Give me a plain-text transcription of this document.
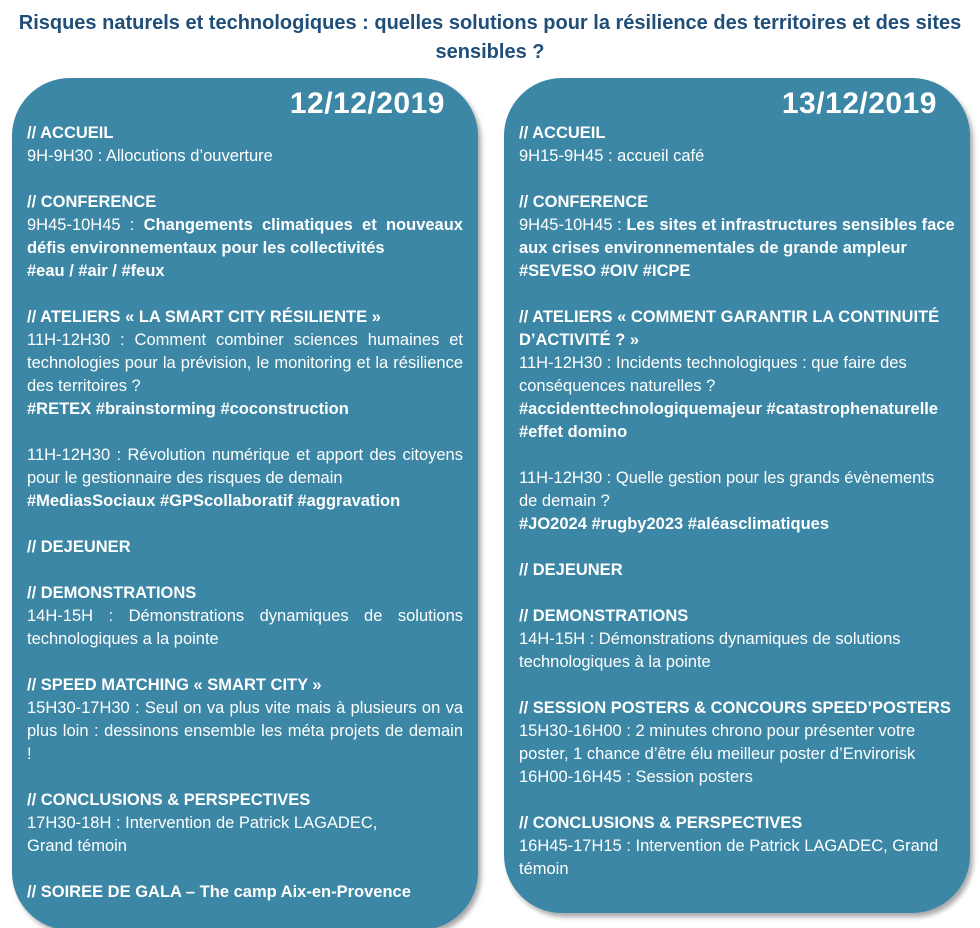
Risques naturels et technologiques : quelles solutions pour la résilience des territoires et des sites sensibles ?
12/12/2019
// ACCUEIL

9H-9H30 : Allocutions d’ouverture

// CONFERENCE

9H45-10H45 : Changements climatiques et nouveaux défis environnementaux pour les collectivités

#eau / #air / #feux

// ATELIERS « LA SMART CITY RÉSILIENTE »

11H-12H30 : Comment combiner sciences humaines et technologies pour la prévision, le monitoring et la résilience des territoires ?

#RETEX #brainstorming #coconstruction

11H-12H30 : Révolution numérique et apport des citoyens pour le gestionnaire des risques de demain

#MediasSociaux #GPScollaboratif #aggravation

// DEJEUNER
// DEMONSTRATIONS

14H-15H : Démonstrations dynamiques de solutions technologiques a la pointe

// SPEED MATCHING « SMART CITY »

15H30-17H30 : Seul on va plus vite mais à plusieurs on va plus loin : dessinons ensemble les méta projets de demain !

// CONCLUSIONS & PERSPECTIVES

17H30-18H : Intervention de Patrick LAGADEC,

Grand témoin

// SOIREE DE GALA – The camp Aix-en-Provence
13/12/2019
// ACCUEIL

9H15-9H45 : accueil café

// CONFERENCE

9H45-10H45 : Les sites et infrastructures sensibles face aux crises environnementales de grande ampleur

#SEVESO #OIV #ICPE

// ATELIERS « COMMENT GARANTIR LA CONTINUITÉ D’ACTIVITÉ ? »

11H-12H30 : Incidents technologiques : que faire des conséquences naturelles ?

#accidenttechnologiquemajeur #catastrophenaturelle #effet domino

11H-12H30 : Quelle gestion pour les grands évènements de demain ?

#JO2024 #rugby2023 #aléasclimatiques

// DEJEUNER
// DEMONSTRATIONS

14H-15H : Démonstrations dynamiques de solutions technologiques à la pointe

// SESSION POSTERS & CONCOURS SPEED’POSTERS

15H30-16H00 : 2 minutes chrono pour présenter votre poster, 1 chance d’être élu meilleur poster d’Envirorisk

16H00-16H45 : Session posters

// CONCLUSIONS & PERSPECTIVES

16H45-17H15 : Intervention de Patrick LAGADEC, Grand témoin
